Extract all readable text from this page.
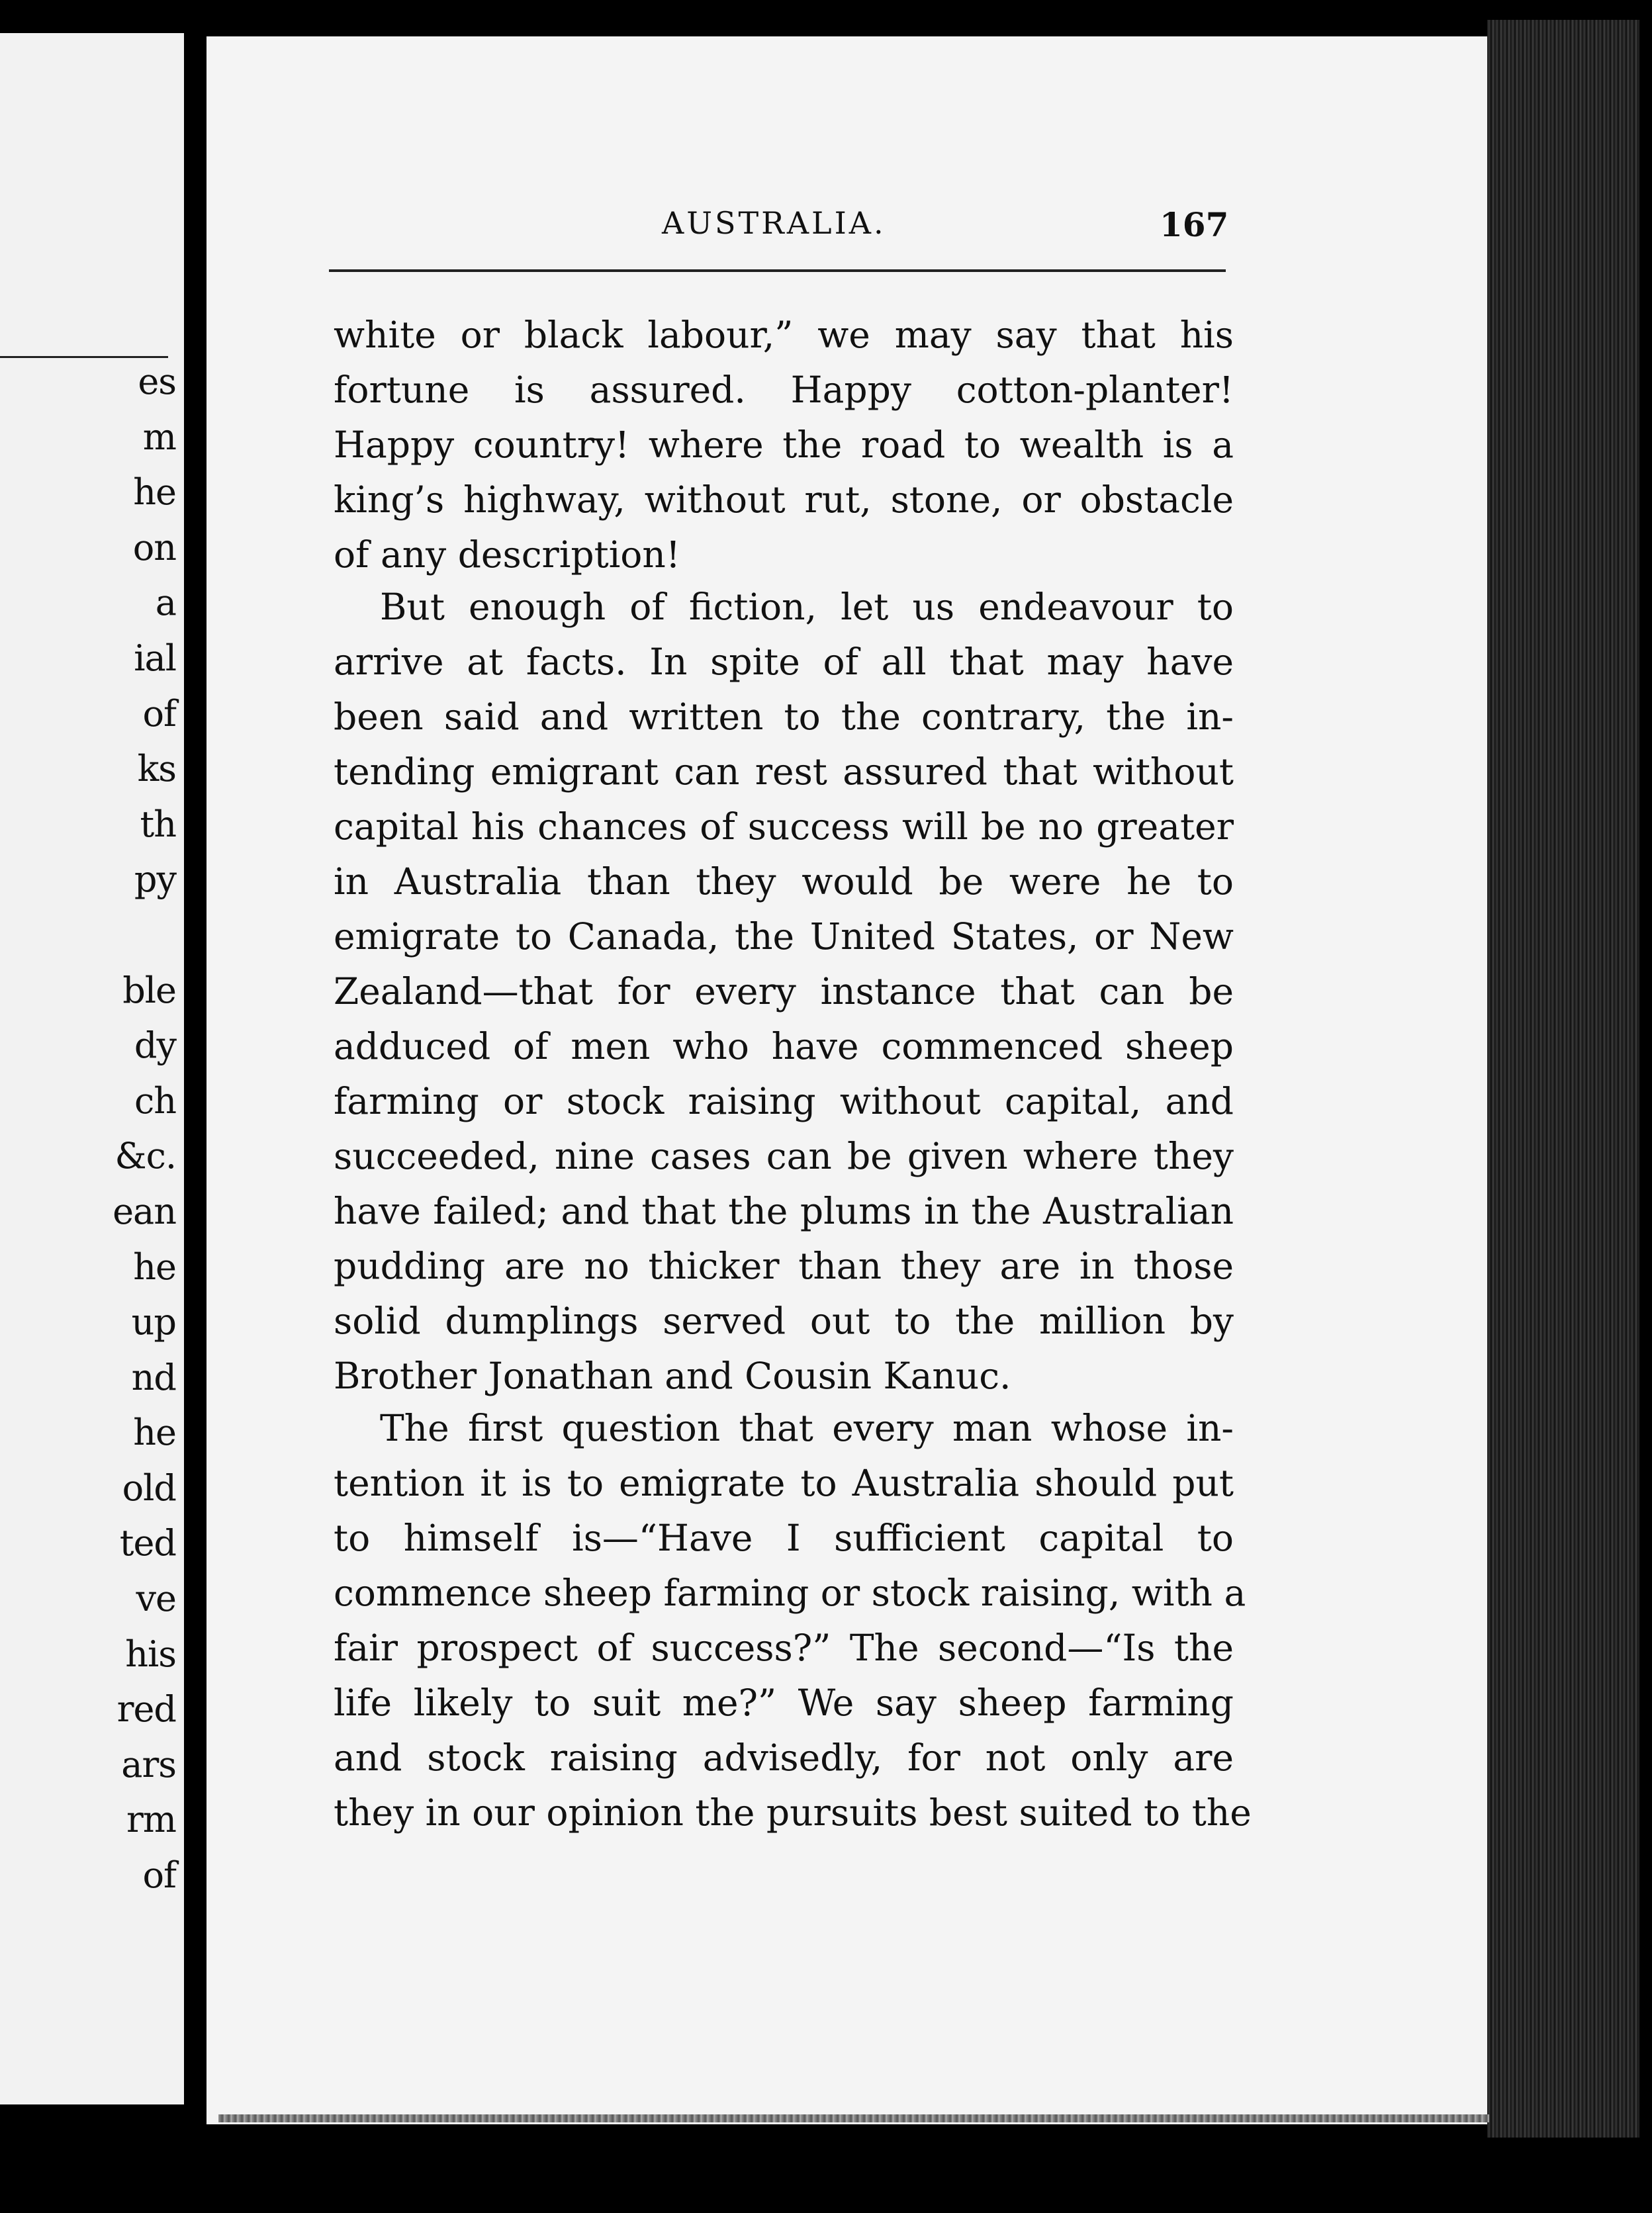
es
m
he
on
a
ial
of
ks
th
py
ble
dy
ch
&c.
ean
he
up
nd
he
old
ted
ve
his
red
ars
rm
of
AUSTRALIA.	167
white or black labour,” we may say that his
fortune is assured. Happy cotton-planter!
Happy country! where the road to wealth is a
king’s highway, without rut, stone, or obstacle
of any description!
But enough of fiction, let us endeavour to
arrive at facts. In spite of all that may have
been said and written to the contrary, the in-
tending emigrant can rest assured that without
capital his chances of success will be no greater
in Australia than they would be were he to
emigrate to Canada, the United States, or New
Zealand—that for every instance that can be
adduced of men who have commenced sheep
farming or stock raising without capital, and
succeeded, nine cases can be given where they
have failed; and that the plums in the Australian
pudding are no thicker than they are in those
solid dumplings served out to the million by
Brother Jonathan and Cousin Kanuc.
The first question that every man whose in-
tention it is to emigrate to Australia should put
to himself is—“Have I sufficient capital to
commence sheep farming or stock raising, with a
fair prospect of success?” The second—“Is the
life likely to suit me?” We say sheep farming
and stock raising advisedly, for not only are
they in our opinion the pursuits best suited to the
